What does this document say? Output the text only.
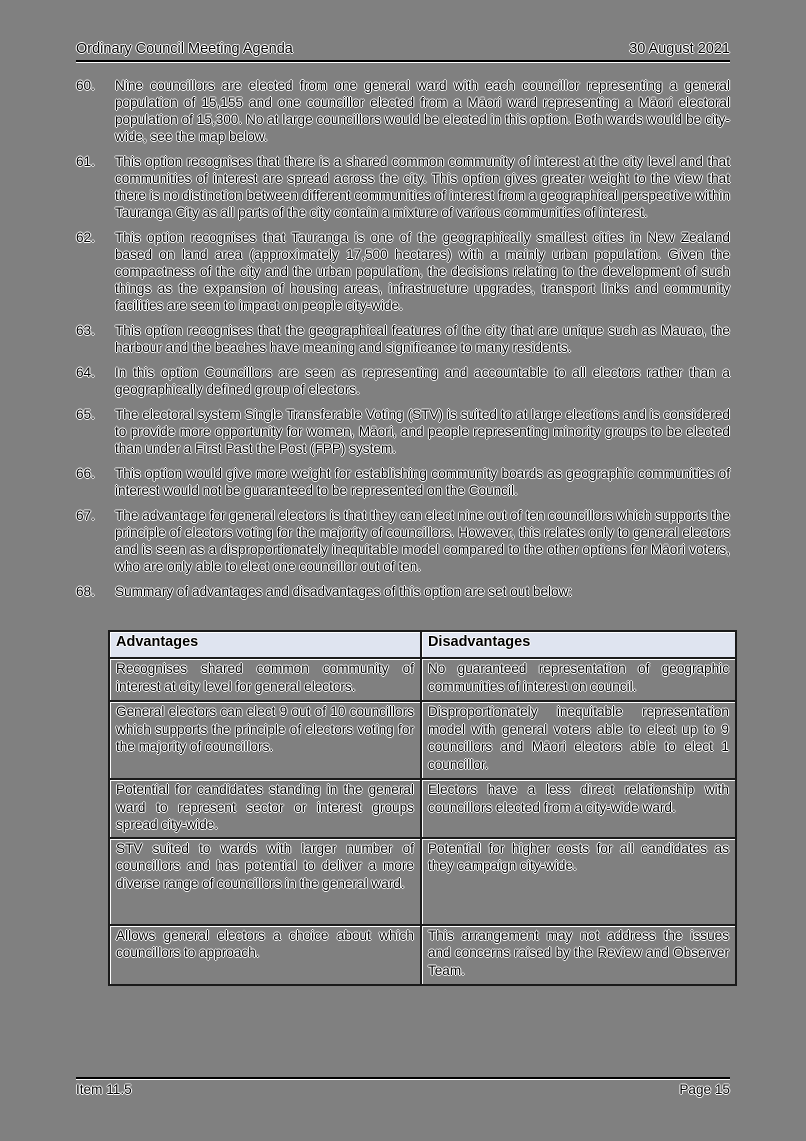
Ordinary Council Meeting Agenda	30 August 2021
60.	Nine councillors are elected from one general ward with each councillor representing a general population of 15,155 and one councillor elected from a Māori ward representing a Māori electoral population of 15,300. No at large councillors would be elected in this option. Both wards would be city-wide, see the map below.
61.	This option recognises that there is a shared common community of interest at the city level and that communities of interest are spread across the city. This option gives greater weight to the view that there is no distinction between different communities of interest from a geographical perspective within Tauranga City as all parts of the city contain a mixture of various communities of interest.
62.	This option recognises that Tauranga is one of the geographically smallest cities in New Zealand based on land area (approximately 17,500 hectares) with a mainly urban population. Given the compactness of the city and the urban population, the decisions relating to the development of such things as the expansion of housing areas, infrastructure upgrades, transport links and community facilities are seen to impact on people city-wide.
63.	This option recognises that the geographical features of the city that are unique such as Mauao, the harbour and the beaches have meaning and significance to many residents.
64.	In this option Councillors are seen as representing and accountable to all electors rather than a geographically defined group of electors.
65.	The electoral system Single Transferable Voting (STV) is suited to at large elections and is considered to provide more opportunity for women, Māori, and people representing minority groups to be elected than under a First Past the Post (FPP) system.
66.	This option would give more weight for establishing community boards as geographic communities of interest would not be guaranteed to be represented on the Council.
67.	The advantage for general electors is that they can elect nine out of ten councillors which supports the principle of electors voting for the majority of councillors. However, this relates only to general electors and is seen as a disproportionately inequitable model compared to the other options for Māori voters, who are only able to elect one councillor out of ten.
68.	Summary of advantages and disadvantages of this option are set out below:
Advantages	Disadvantages
Recognises shared common community of interest at city level for general electors.	No guaranteed representation of geographic communities of interest on council.
General electors can elect 9 out of 10 councillors which supports the principle of electors voting for the majority of councillors.	Disproportionately inequitable representation model with general voters able to elect up to 9 councillors and Māori electors able to elect 1 councillor.
Potential for candidates standing in the general ward to represent sector or interest groups spread city-wide.	Electors have a less direct relationship with councillors elected from a city-wide ward.
STV suited to wards with larger number of councillors and has potential to deliver a more diverse range of councillors in the general ward.	Potential for higher costs for all candidates as they campaign city-wide.
Allows general electors a choice about which councillors to approach.	This arrangement may not address the issues and concerns raised by the Review and Observer Team.
Item 11.5	Page 15
